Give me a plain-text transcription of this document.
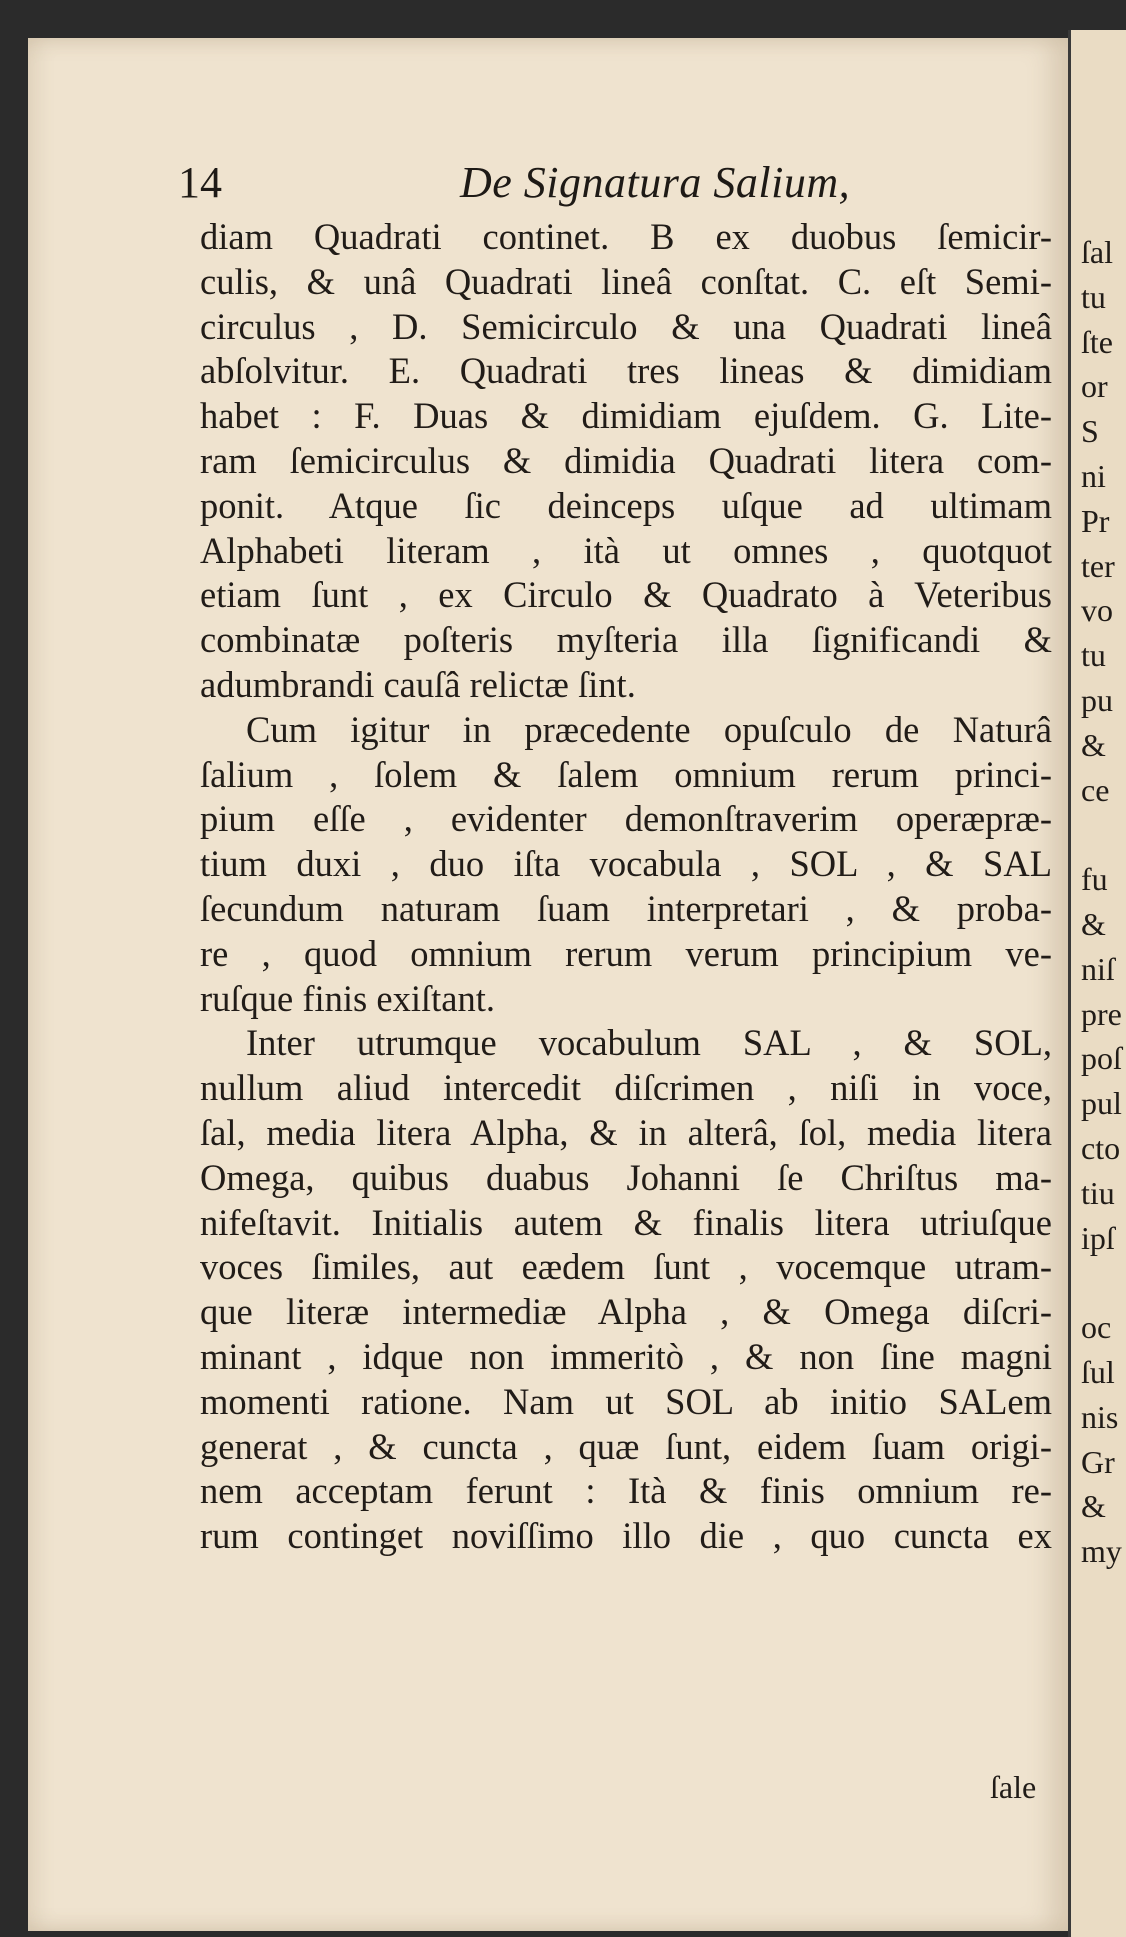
14	De Signatura Salium,
diam Quadrati continet. B ex duobus ſemicir-
culis, & unâ Quadrati lineâ conſtat. C. eſt Semi-
circulus , D. Semicirculo & una Quadrati lineâ
abſolvitur. E. Quadrati tres lineas & dimidiam
habet : F. Duas & dimidiam ejuſdem. G. Lite-
ram ſemicirculus & dimidia Quadrati litera com-
ponit. Atque ſic deinceps uſque ad ultimam
Alphabeti literam , ità ut omnes , quotquot
etiam ſunt , ex Circulo & Quadrato à Veteribus
combinatæ poſteris myſteria illa ſignificandi &
adumbrandi cauſâ relictæ ſint.
Cum igitur in præcedente opuſculo de Naturâ
ſalium , ſolem & ſalem omnium rerum princi-
pium eſſe , evidenter demonſtraverim operæpræ-
tium duxi , duo iſta vocabula , SOL , & SAL
ſecundum naturam ſuam interpretari , & proba-
re , quod omnium rerum verum principium ve-
ruſque finis exiſtant.
Inter utrumque vocabulum SAL , & SOL,
nullum aliud intercedit diſcrimen , niſi in voce,
ſal, media litera Alpha, & in alterâ, ſol, media litera
Omega, quibus duabus Johanni ſe Chriſtus ma-
nifeſtavit. Initialis autem & finalis litera utriuſque
voces ſimiles, aut eædem ſunt , vocemque utram-
que literæ intermediæ Alpha , & Omega diſcri-
minant , idque non immeritò , & non ſine magni
momenti ratione. Nam ut SOL ab initio SALem
generat , & cuncta , quæ ſunt, eidem ſuam origi-
nem acceptam ferunt : Ità & finis omnium re-
rum continget noviſſimo illo die , quo cuncta ex
ſale
ſal
tu
ſte
or
S
ni
Pr
ter
vo
tu
pu
&
ce
fu
&
niſ
pre
poſ
pul
cto
tiu
ipſ
oc
ſul
nis
Gr
&
my
